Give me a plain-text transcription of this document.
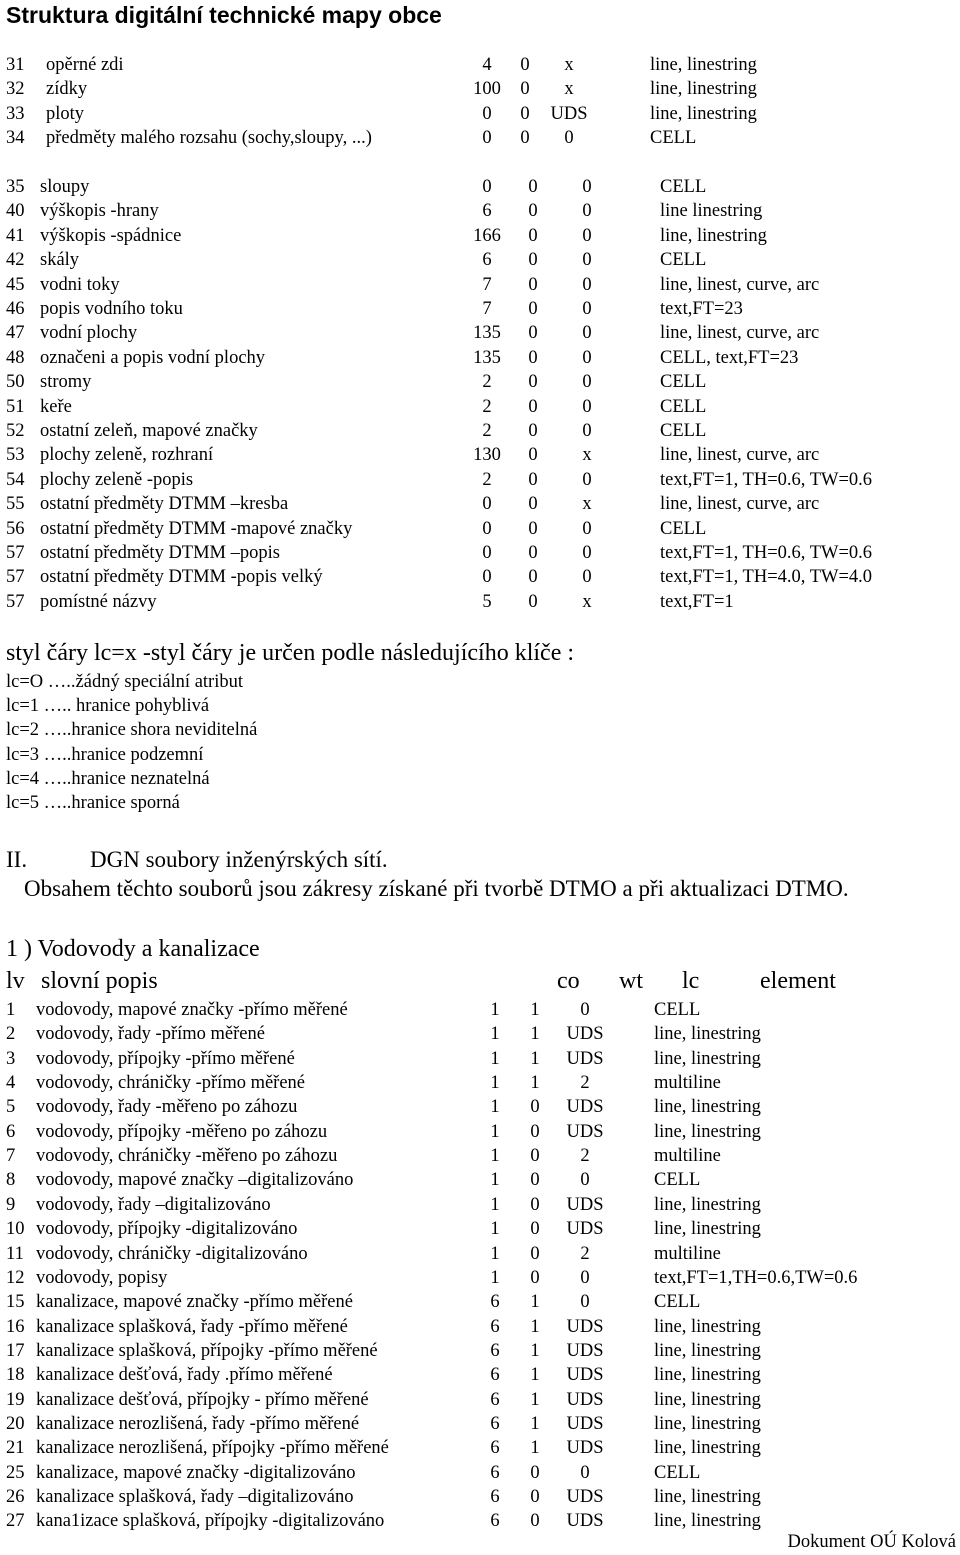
Struktura digitální technické mapy obce
31 opěrné zdi	4	0	x	line, linestring
32 zídky	100	0	x	line, linestring
33 ploty	0	0	UDS	line, linestring
34 předměty malého rozsahu (sochy,sloupy, ...)	0	0	0	CELL
35 sloupy	0	0	0	CELL
40 výškopis -hrany	6	0	0	line linestring
41 výškopis -spádnice	166	0	0	line, linestring
42 skály	6	0	0	CELL
45 vodni toky	7	0	0	line, linest, curve, arc
46 popis vodního toku	7	0	0	text,FT=23
47 vodní plochy	135	0	0	line, linest, curve, arc
48 označeni a popis vodní plochy	135	0	0	CELL, text,FT=23
50 stromy	2	0	0	CELL
51 keře	2	0	0	CELL
52 ostatní zeleň, mapové značky	2	0	0	CELL
53 plochy zeleně, rozhraní	130	0	x	line, linest, curve, arc
54 plochy zeleně -popis	2	0	0	text,FT=1, TH=0.6, TW=0.6
55 ostatní předměty DTMM –kresba	0	0	x	line, linest, curve, arc
56 ostatní předměty DTMM -mapové značky	0	0	0	CELL
57 ostatní předměty DTMM –popis	0	0	0	text,FT=1, TH=0.6, TW=0.6
57 ostatní předměty DTMM -popis velký	0	0	0	text,FT=1, TH=4.0, TW=4.0
57 pomístné názvy	5	0	x	text,FT=1
styl čáry lc=x -styl čáry je určen podle následujícího klíče :
lc=O …..žádný speciální atribut
lc=1 ….. hranice pohyblivá
lc=2 …..hranice shora neviditelná
lc=3 …..hranice podzemní
lc=4 …..hranice neznatelná
lc=5 …..hranice sporná
II.	DGN soubory inženýrských sítí.
Obsahem těchto souborů jsou zákresy získané při tvorbě DTMO a při aktualizaci DTMO.
1 ) Vodovody a kanalizace
lv slovní popis	co wt lc	element
1 vodovody, mapové značky -přímo měřené	1	1	0	CELL
2 vodovody, řady -přímo měřené	1	1	UDS	line, linestring
3 vodovody, přípojky -přímo měřené	1	1	UDS	line, linestring
4 vodovody, chráničky -přímo měřené	1	1	2	multiline
5 vodovody, řady -měřeno po záhozu	1	0	UDS	line, linestring
6 vodovody, přípojky -měřeno po záhozu	1	0	UDS	line, linestring
7 vodovody, chráničky -měřeno po záhozu	1	0	2	multiline
8 vodovody, mapové značky –digitalizováno	1	0	0	CELL
9 vodovody, řady –digitalizováno	1	0	UDS	line, linestring
10 vodovody, přípojky -digitalizováno	1	0	UDS	line, linestring
11 vodovody, chráničky -digitalizováno	1	0	2	multiline
12 vodovody, popisy	1	0	0	text,FT=1,TH=0.6,TW=0.6
15 kanalizace, mapové značky -přímo měřené	6	1	0	CELL
16 kanalizace splašková, řady -přímo měřené	6	1	UDS	line, linestring
17 kanalizace splašková, přípojky -přímo měřené	6	1	UDS	line, linestring
18 kanalizace dešťová, řady .přímo měřené	6	1	UDS	line, linestring
19 kanalizace dešťová, přípojky - přímo měřené	6	1	UDS	line, linestring
20 kanalizace nerozlišená, řady -přímo měřené	6	1	UDS	line, linestring
21 kanalizace nerozlišená, přípojky -přímo měřené	6	1	UDS	line, linestring
25 kanalizace, mapové značky -digitalizováno	6	0	0	CELL
26 kanalizace splašková, řady –digitalizováno	6	0	UDS	line, linestring
27 kana1izace splašková, přípojky -digitalizováno	6	0	UDS	line, linestring
Dokument OÚ Kolová
